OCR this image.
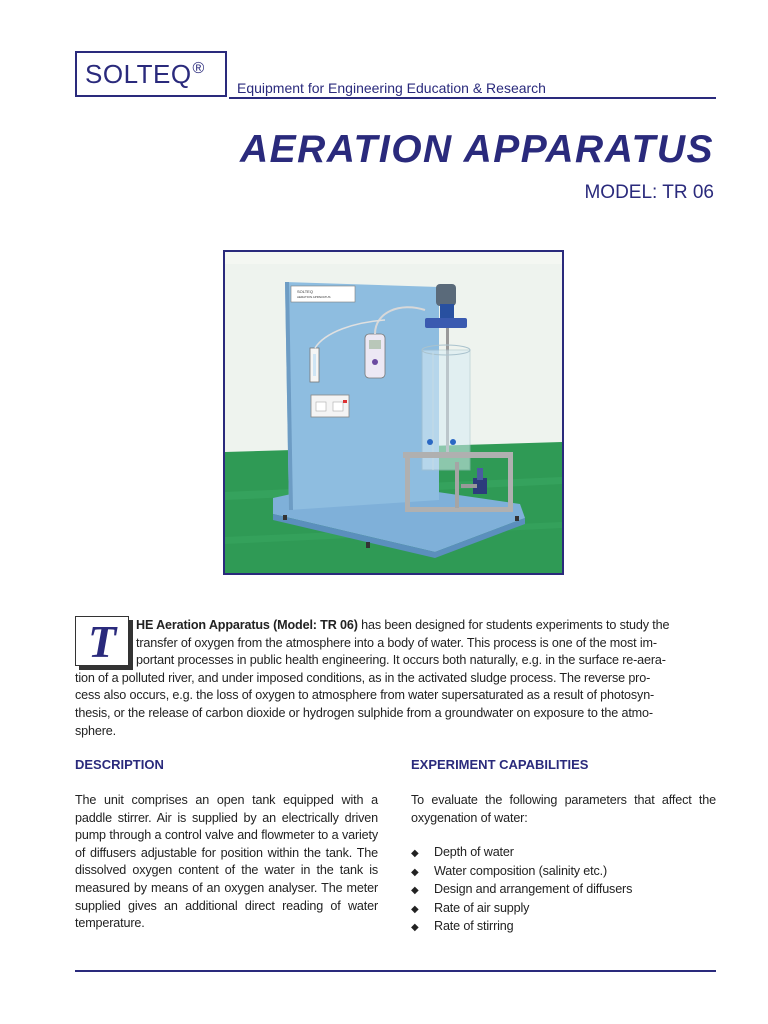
SOLTEQ®
Equipment for Engineering Education & Research
AERATION APPARATUS
MODEL: TR 06
SOLTEQ
AERATION APPARATUS
T	HE Aeration Apparatus (Model: TR 06) has been designed for students experiments to study the
transfer of oxygen from the atmosphere into a body of water. This process is one of the most im-
portant processes in public health engineering. It occurs both naturally, e.g. in the surface re-aera-
tion of a polluted river, and under imposed conditions, as in the activated sludge process. The reverse pro-
cess also occurs, e.g. the loss of oxygen to atmosphere from water supersaturated as a result of photosyn-
thesis, or the release of carbon dioxide or hydrogen sulphide from a groundwater on exposure to the atmo-
sphere.
DESCRIPTION
The unit comprises an open tank equipped with a paddle stirrer. Air is supplied by an electrically driven pump through a control valve and flowmeter to a variety of diffusers adjustable for position within the tank. The dissolved oxygen content of the water in the tank is measured by means of an oxygen analyser. The meter supplied gives an additional direct reading of water temperature.
EXPERIMENT CAPABILITIES
To evaluate the following parameters that affect the oxygenation of water:
◆ Depth of water
◆ Water composition (salinity etc.)
◆ Design and arrangement of diffusers
◆ Rate of air supply
◆ Rate of stirring
